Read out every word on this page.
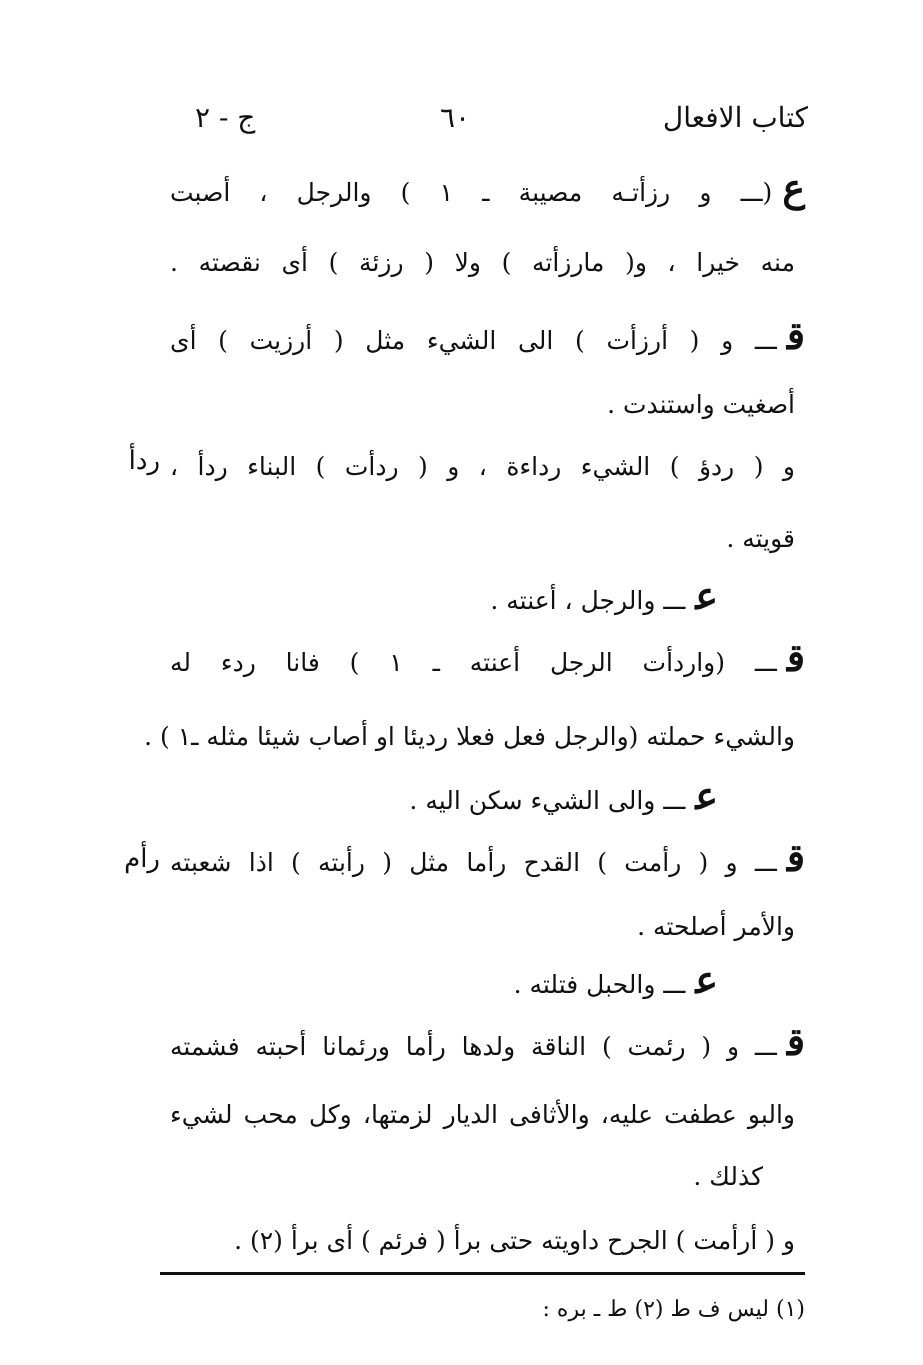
كتاب الافعال
٦٠
ج - ٢
ع(ـــ و رزأتـه مصيبة ـ ١ ) والرجل ، أصبت
منه خيرا ، و( مارزأته ) ولا ( رزئة ) أى نقصته .
قـــ و ( أرزأت ) الى الشيء مثل ( أرزيت ) أى
أصغيت واستندت .
ردأ و ( ردؤ ) الشيء رداءة ، و ( ردأت ) البناء ردأ ،
قويته .
عـــ والرجل ، أعنته .
قـــ (واردأت الرجل أعنته ـ ١ ) فانا ردء له
والشيء حملته (والرجل فعل فعلا رديئا او أصاب شيئا مثله ـ١ ) .
عـــ والى الشيء سكن اليه .
رأم	قـــ و ( رأمت ) القدح رأما مثل ( رأبته ) اذا شعبته
والأمر أصلحته .
عـــ والحبل فتلته .
قـــ و ( رئمت ) الناقة ولدها رأما ورئمانا أحبته فشمته
والبو عطفت عليه، والأثافى الديار لزمتها، وكل محب لشيء
كذلك .
و ( أرأمت ) الجرح داويته حتى برأ ( فرئم ) أى برأ (٢) .
(١) ليس ف ط (٢) ط ـ بره :
